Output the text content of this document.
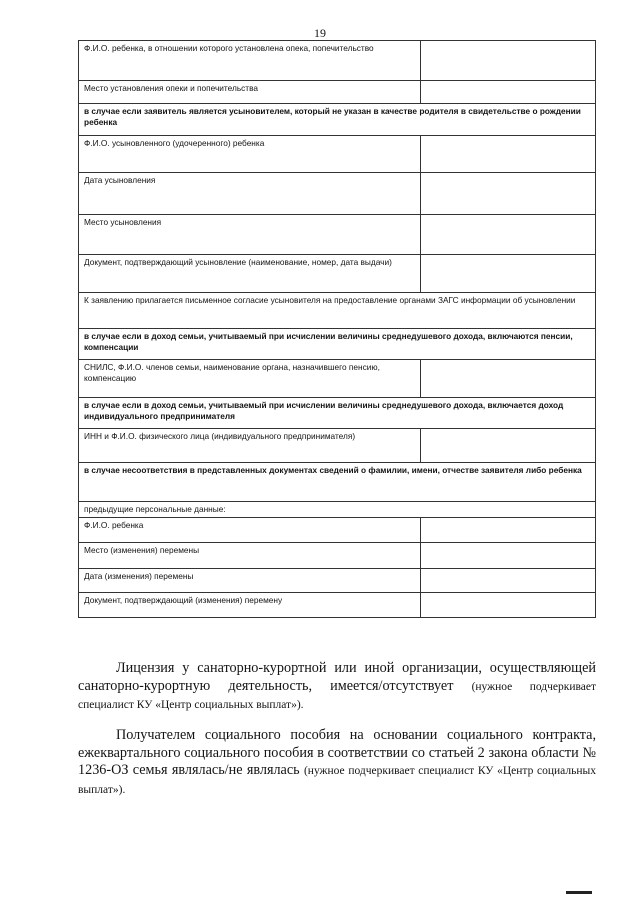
19
Ф.И.О. ребенка, в отношении которого установлена опека, попечительство	
Место установления опеки и попечительства	
в случае если заявитель является усыновителем, который не указан в качестве родителя в свидетельстве о рождении ребенка	
Ф.И.О. усыновленного (удочеренного) ребенка	
Дата усыновления	
Место усыновления	
Документ, подтверждающий усыновление (наименование, номер, дата выдачи)	
К заявлению прилагается письменное согласие усыновителя на предоставление органами ЗАГС информации об усыновлении	
в случае если в доход семьи, учитываемый при исчислении величины среднедушевого дохода, включаются пенсии, компенсации	
СНИЛС, Ф.И.О. членов семьи, наименование органа, назначившего пенсию, компенсацию	
в случае если в доход семьи, учитываемый при исчислении величины среднедушевого дохода, включается доход индивидуального предпринимателя	
ИНН и Ф.И.О. физического лица (индивидуального предпринимателя)	
в случае несоответствия в представленных документах сведений о фамилии, имени, отчестве заявителя либо ребенка	
предыдущие персональные данные:	
Ф.И.О. ребенка	
Место (изменения) перемены	
Дата (изменения) перемены	
Документ, подтверждающий (изменения) перемену	

Лицензия у санаторно-курортной или иной организации, осуществляющей санаторно-курортную деятельность, имеется/отсутствует (нужное подчеркивает специалист КУ «Центр социальных выплат»).

Получателем социального пособия на основании социального контракта, ежеквартального социального пособия в соответствии со статьей 2 закона области № 1236-ОЗ семья являлась/не являлась (нужное подчеркивает специалист КУ «Центр социальных выплат»).
